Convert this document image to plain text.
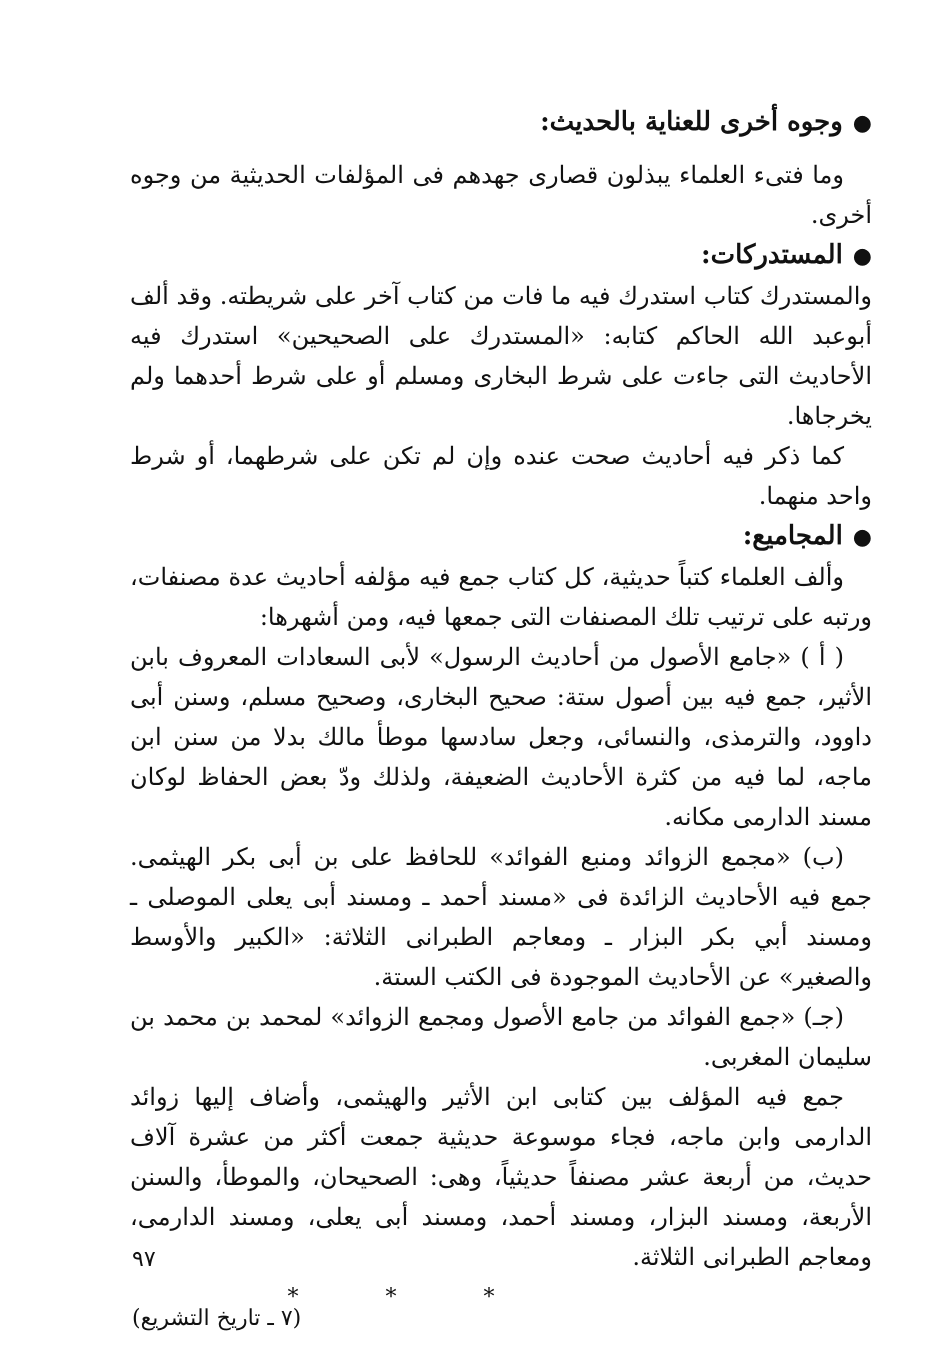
●وجوه أخرى للعناية بالحديث:

وما فتىء العلماء يبذلون قصارى جهدهم فى المؤلفات الحديثية من وجوه أخرى.

●المستدركات:

والمستدرك كتاب استدرك فيه ما فات من كتاب آخر على شريطته. وقد ألف أبوعبد الله الحاكم كتابه: «المستدرك على الصحيحين» استدرك فيه الأحاديث التى جاءت على شرط البخارى ومسلم أو على شرط أحدهما ولم يخرجاها.

كما ذكر فيه أحاديث صحت عنده وإن لم تكن على شرطهما، أو شرط واحد منهما.

●المجاميع:

وألف العلماء كتباً حديثية، كل كتاب جمع فيه مؤلفه أحاديث عدة مصنفات، ورتبه على ترتيب تلك المصنفات التى جمعها فيه، ومن أشهرها:

( أ ) «جامع الأصول من أحاديث الرسول» لأبى السعادات المعروف بابن الأثير، جمع فيه بين أصول ستة: صحيح البخارى، وصحيح مسلم، وسنن أبى داوود، والترمذى، والنسائى، وجعل سادسها موطأ مالك بدلا من سنن ابن ماجه، لما فيه من كثرة الأحاديث الضعيفة، ولذلك ودّ بعض الحفاظ لوكان مسند الدارمى مكانه.

(ب) «مجمع الزوائد ومنبع الفوائد» للحافظ على بن أبى بكر الهيثمى. جمع فيه الأحاديث الزائدة فى «مسند أحمد ـ ومسند أبى يعلى الموصلى ـ ومسند أبي بكر البزار ـ ومعاجم الطبرانى الثلاثة: «الكبير والأوسط والصغير» عن الأحاديث الموجودة فى الكتب الستة.

(جـ) «جمع الفوائد من جامع الأصول ومجمع الزوائد» لمحمد بن محمد بن سليمان المغربى.

جمع فيه المؤلف بين كتابى ابن الأثير والهيثمى، وأضاف إليها زوائد الدارمى وابن ماجه، فجاء موسوعة حديثية جمعت أكثر من عشرة آلاف حديث، من أربعة عشر مصنفاً حديثياً، وهى: الصحيحان، والموطأ، والسنن الأربعة، ومسند البزار، ومسند أحمد، ومسند أبى يعلى، ومسند الدارمى، ومعاجم الطبرانى الثلاثة.

* * *
٩٧
(٧ ـ تاريخ التشريع)
